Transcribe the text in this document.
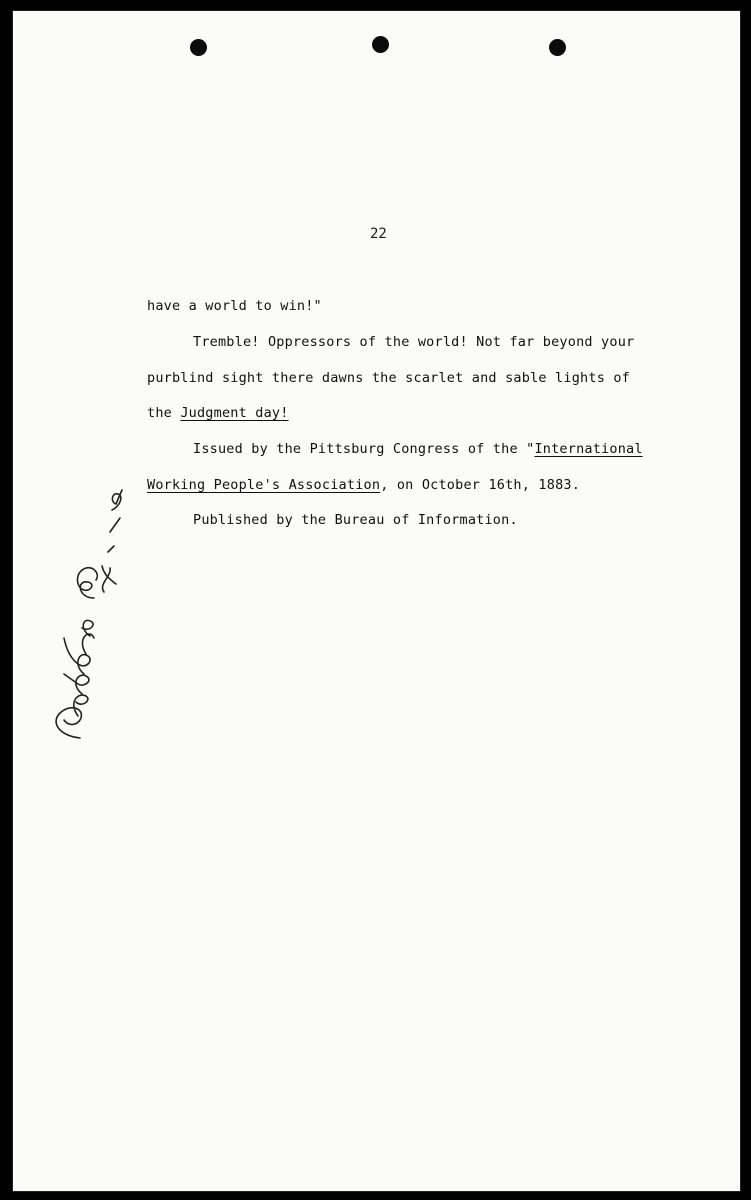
22
have a world to win!"
Tremble! Oppressors of the world! Not far beyond your
purblind sight there dawns the scarlet and sable lights of
the Judgment day!
Issued by the Pittsburg Congress of the "International
Working People's Association, on October 16th, 1883.
Published by the Bureau of Information.
People Ex-19
